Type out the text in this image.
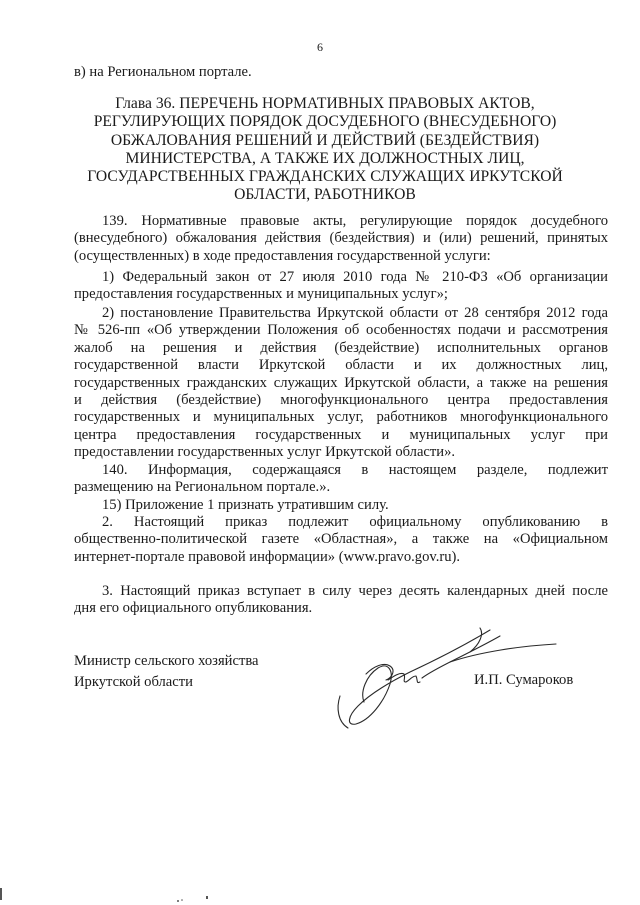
6
в) на Региональном портале.
Глава 36. ПЕРЕЧЕНЬ НОРМАТИВНЫХ ПРАВОВЫХ АКТОВ,
РЕГУЛИРУЮЩИХ ПОРЯДОК ДОСУДЕБНОГО (ВНЕСУДЕБНОГО)
ОБЖАЛОВАНИЯ РЕШЕНИЙ И ДЕЙСТВИЙ (БЕЗДЕЙСТВИЯ)
МИНИСТЕРСТВА, А ТАКЖЕ ИХ ДОЛЖНОСТНЫХ ЛИЦ,
ГОСУДАРСТВЕННЫХ ГРАЖДАНСКИХ СЛУЖАЩИХ ИРКУТСКОЙ
ОБЛАСТИ, РАБОТНИКОВ
139. Нормативные правовые акты, регулирующие порядок досудебного
(внесудебного) обжалования действия (бездействия) и (или) решений, принятых
(осуществленных) в ходе предоставления государственной услуги:
1) Федеральный закон от 27 июля 2010 года № 210-ФЗ «Об организации
предоставления государственных и муниципальных услуг»;
2) постановление Правительства Иркутской области от 28 сентября 2012 года
№ 526-пп «Об утверждении Положения об особенностях подачи и рассмотрения
жалоб на решения и действия (бездействие) исполнительных органов
государственной власти Иркутской области и их должностных лиц,
государственных гражданских служащих Иркутской области, а также на решения
и действия (бездействие) многофункционального центра предоставления
государственных и муниципальных услуг, работников многофункционального
центра предоставления государственных и муниципальных услуг при
предоставлении государственных услуг Иркутской области».
140. Информация, содержащаяся в настоящем разделе, подлежит
размещению на Региональном портале.».
15) Приложение 1 признать утратившим силу.
2. Настоящий приказ подлежит официальному опубликованию в
общественно-политической газете «Областная», а также на «Официальном
интернет-портале правовой информации» (www.pravo.gov.ru).
3. Настоящий приказ вступает в силу через десять календарных дней после
дня его официального опубликования.
Министр сельского хозяйства
Иркутской области	И.П. Сумароков
